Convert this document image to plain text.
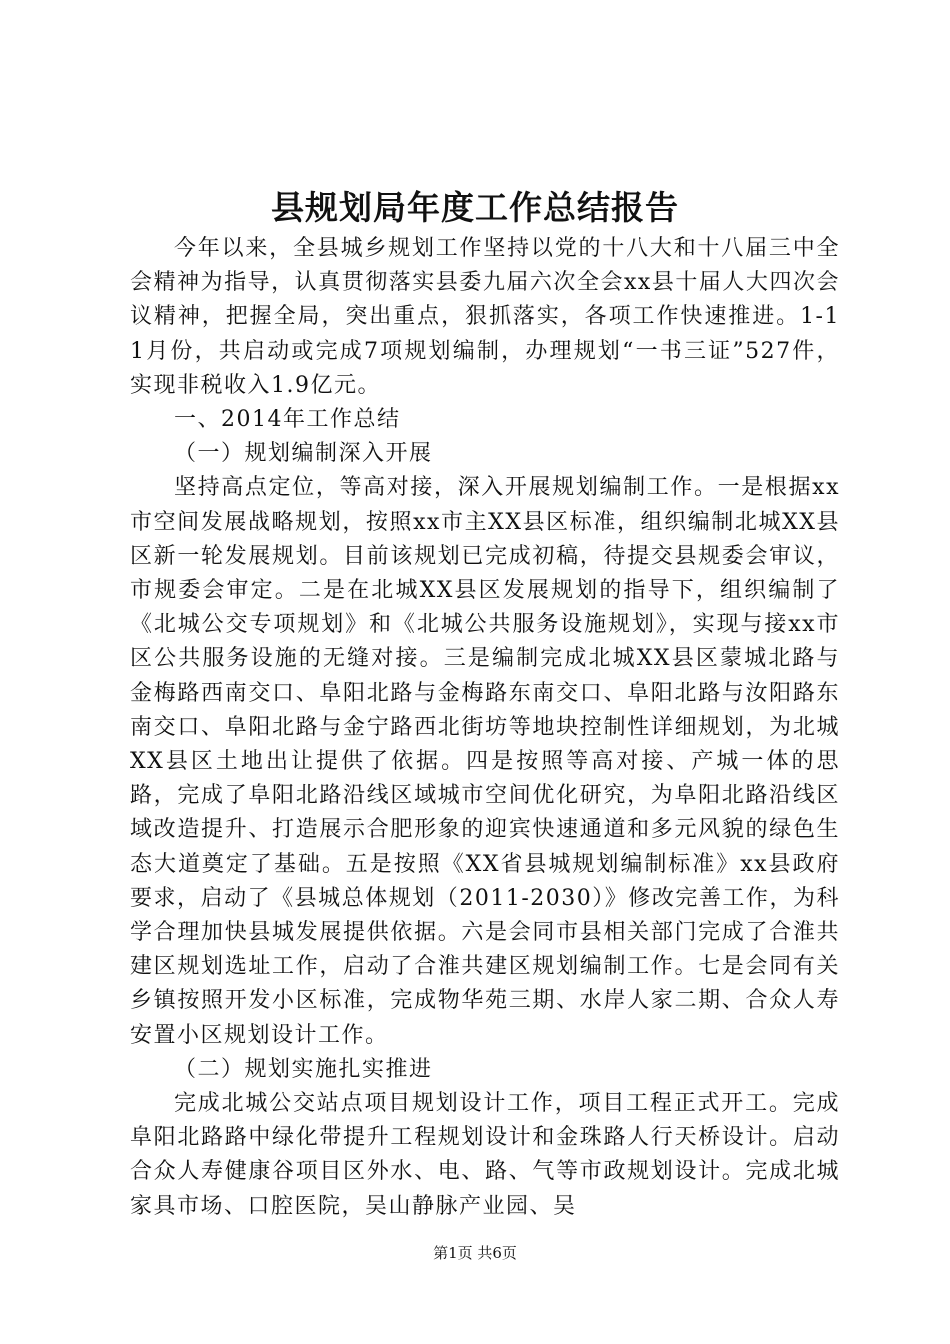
县规划局年度工作总结报告

今年以来，全县城乡规划工作坚持以党的十八大和十八届三中全会精神为指导，认真贯彻落实县委九届六次全会xx县十届人大四次会议精神，把握全局，突出重点，狠抓落实，各项工作快速推进。1-11月份，共启动或完成7项规划编制，办理规划“一书三证”527件，实现非税收入1.9亿元。

一、2014年工作总结

（一）规划编制深入开展

坚持高点定位，等高对接，深入开展规划编制工作。一是根据xx市空间发展战略规划，按照xx市主XX县区标准，组织编制北城XX县区新一轮发展规划。目前该规划已完成初稿，待提交县规委会审议，市规委会审定。二是在北城XX县区发展规划的指导下，组织编制了《北城公交专项规划》和《北城公共服务设施规划》，实现与接xx市区公共服务设施的无缝对接。三是编制完成北城XX县区蒙城北路与金梅路西南交口、阜阳北路与金梅路东南交口、阜阳北路与汝阳路东南交口、阜阳北路与金宁路西北街坊等地块控制性详细规划，为北城XX县区土地出让提供了依据。四是按照等高对接、产城一体的思路，完成了阜阳北路沿线区域城市空间优化研究，为阜阳北路沿线区域改造提升、打造展示合肥形象的迎宾快速通道和多元风貌的绿色生态大道奠定了基础。五是按照《XX省县城规划编制标准》xx县政府要求，启动了《县城总体规划（2011-2030）》修改完善工作，为科学合理加快县城发展提供依据。六是会同市县相关部门完成了合淮共建区规划选址工作，启动了合淮共建区规划编制工作。七是会同有关乡镇按照开发小区标准，完成物华苑三期、水岸人家二期、合众人寿安置小区规划设计工作。

（二）规划实施扎实推进

完成北城公交站点项目规划设计工作，项目工程正式开工。完成阜阳北路路中绿化带提升工程规划设计和金珠路人行天桥设计。启动合众人寿健康谷项目区外水、电、路、气等市政规划设计。完成北城家具市场、口腔医院，吴山静脉产业园、吴

第1页 共6页
